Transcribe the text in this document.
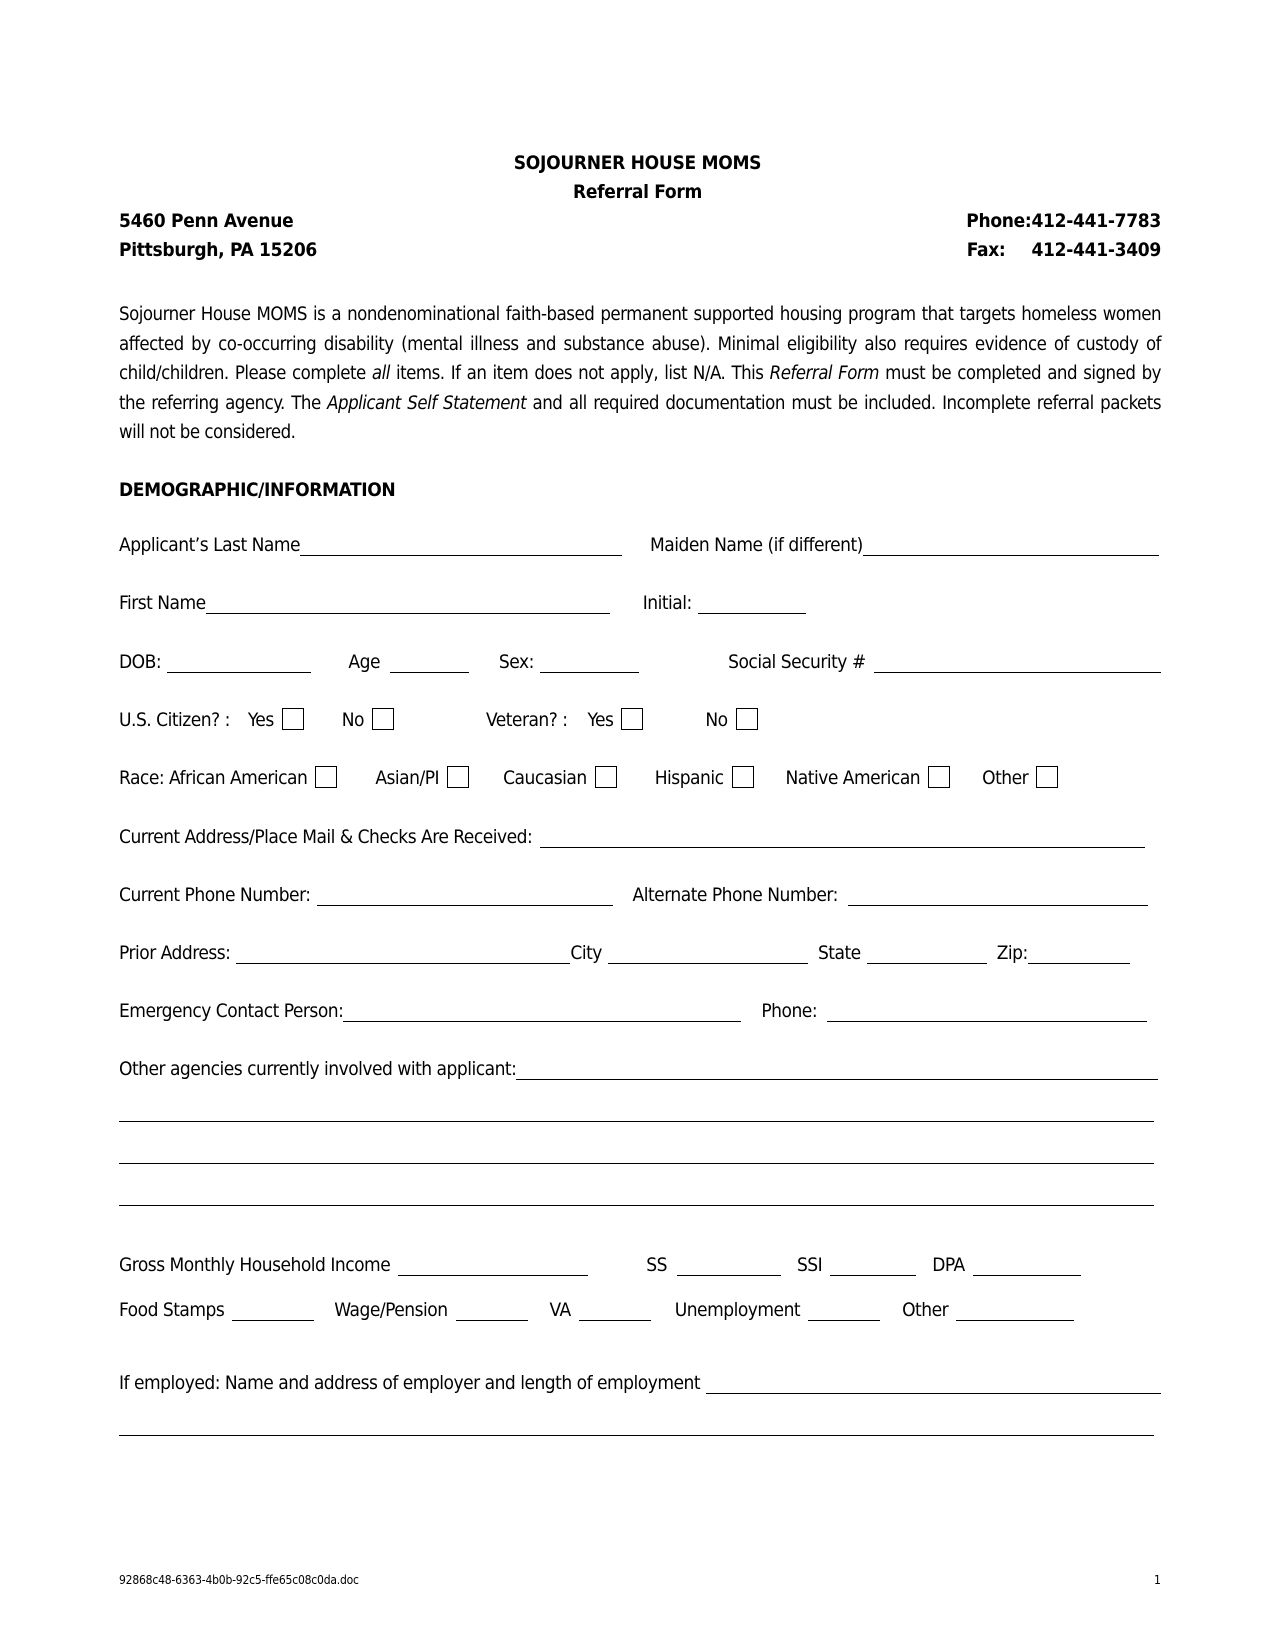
SOJOURNER HOUSE MOMS
Referral Form
5460 Penn Avenue
Pittsburgh, PA 15206
Phone:412-441-7783
Fax: 412-441-3409
Sojourner House MOMS is a nondenominational faith-based permanent supported housing program that targets homeless women affected by co-occurring disability (mental illness and substance abuse). Minimal eligibility also requires evidence of custody of child/children. Please complete all items. If an item does not apply, list N/A. This Referral Form must be completed and signed by the referring agency. The Applicant Self Statement and all required documentation must be included. Incomplete referral packets will not be considered.
DEMOGRAPHIC/INFORMATION
Applicant’s Last Name	Maiden Name (if different)
First Name	Initial:
DOB:	Age	Sex:	Social Security #
U.S. Citizen? : Yes	No	Veteran? : Yes	No
Race: African American	Asian/PI	Caucasian	Hispanic	Native American	Other
Current Address/Place Mail & Checks Are Received:
Current Phone Number:	Alternate Phone Number:
Prior Address:	City	State	Zip:
Emergency Contact Person:	Phone:
Other agencies currently involved with applicant:
Gross Monthly Household Income	SS	SSI	DPA
Food Stamps	Wage/Pension	VA	Unemployment	Other
If employed: Name and address of employer and length of employment
92868c48-6363-4b0b-92c5-ffe65c08c0da.doc	1
